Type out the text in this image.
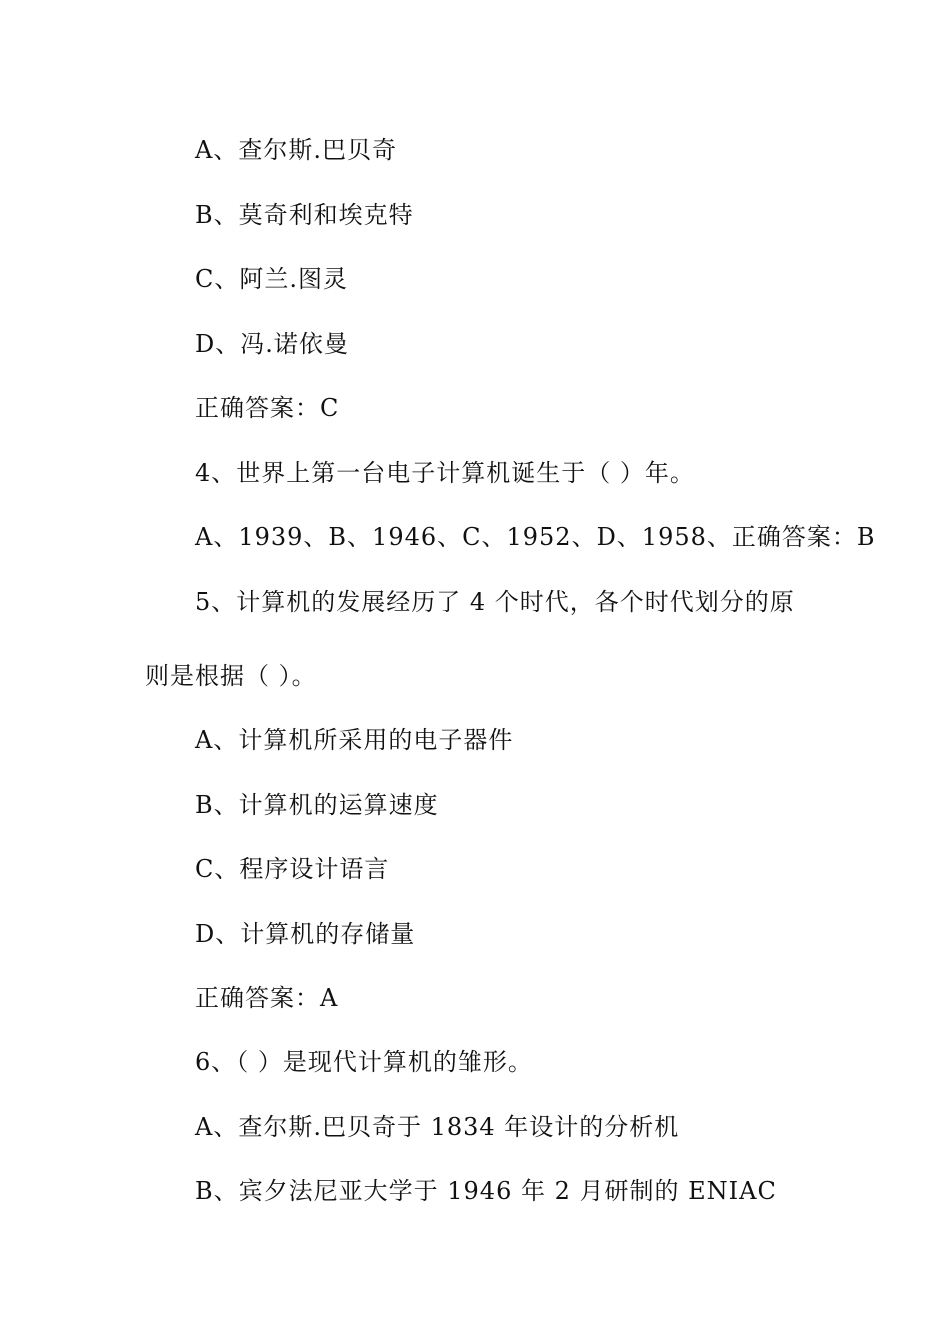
A、查尔斯.巴贝奇
B、莫奇利和埃克特
C、阿兰.图灵
D、冯.诺依曼
正确答案：C
4、世界上第一台电子计算机诞生于（ ）年。
A、1939、B、1946、C、1952、D、1958、正确答案：B
5、计算机的发展经历了 4 个时代，各个时代划分的原
则是根据（ ）。
A、计算机所采用的电子器件
B、计算机的运算速度
C、程序设计语言
D、计算机的存储量
正确答案：A
6、（ ）是现代计算机的雏形。
A、查尔斯.巴贝奇于 1834 年设计的分析机
B、宾夕法尼亚大学于 1946 年 2 月研制的 ENIAC
